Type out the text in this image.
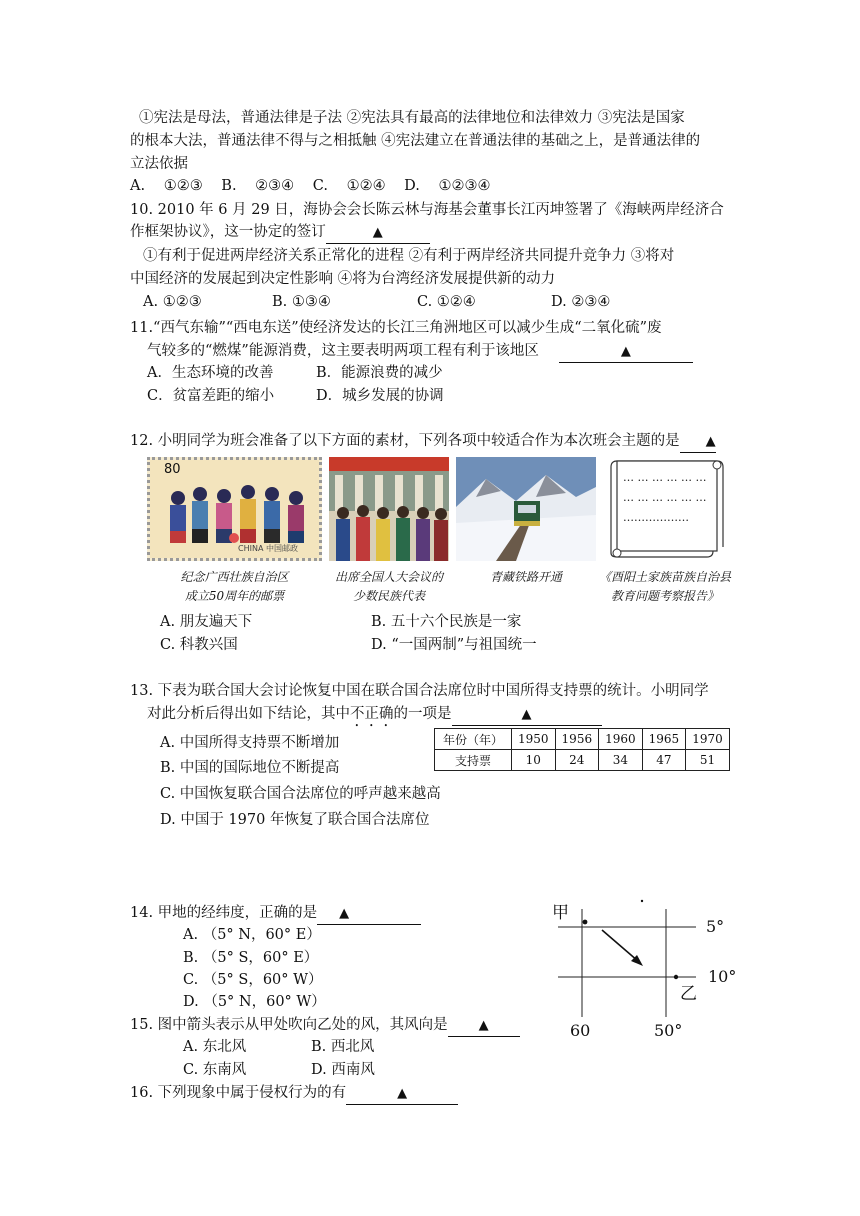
①宪法是母法，普通法律是子法 ②宪法具有最高的法律地位和法律效力 ③宪法是国家
的根本大法，普通法律不得与之相抵触 ④宪法建立在普通法律的基础之上，是普通法律的
立法依据
A. ①②③ B. ②③④ C. ①②④ D. ①②③④
10. 2010 年 6 月 29 日，海协会会长陈云林与海基会董事长江丙坤签署了《海峡两岸经济合
作框架协议》，这一协定的签订	▲
①有利于促进两岸经济关系正常化的进程 ②有利于两岸经济共同提升竞争力 ③将对
中国经济的发展起到决定性影响 ④将为台湾经济发展提供新的动力
A. ①②③	B. ①③④	C. ①②④	D. ②③④
11.“西气东输”“西电东送”使经济发达的长江三角洲地区可以减少生成“二氧化硫”废
气较多的“燃煤”能源消费，这主要表明两项工程有利于该地区	▲
A．生态环境的改善	B．能源浪费的减少
C．贫富差距的缩小	D．城乡发展的协调
12. 小明同学为班会准备了以下方面的素材，下列各项中较适合作为本次班会主题的是 ▲
80
CHINA 中国邮政
… … … … … …
… … … … … …
………………
纪念广西壮族自治区
成立50周年的邮票
出席全国人大会议的
少数民族代表
青藏铁路开通	《酉阳土家族苗族自治县
教育问题考察报告》
A. 朋友遍天下	B. 五十六个民族是一家
C. 科教兴国	D. “一国两制”与祖国统一
13. 下表为联合国大会讨论恢复中国在联合国合法席位时中国所得支持票的统计。小明同学
对此分析后得出如下结论，其中不正确的一项是	▲
年份（年）	1950	1956	1960	1965	1970
支持票	10	24	34	47	51
A. 中国所得支持票不断增加
B. 中国的国际地位不断提高
C. 中国恢复联合国合法席位的呼声越来越高
D. 中国于 1970 年恢复了联合国合法席位
14. 甲地的经纬度，正确的是 ▲
A. （5° N，60° E）
B. （5° S，60° E）
C. （5° S，60° W）
D. （5° N，60° W）
甲
5°
乙
10°
60	50°
15. 图中箭头表示从甲处吹向乙处的风，其风向是 ▲
A. 东北风	B. 西北风
C. 东南风	D. 西南风
16. 下列现象中属于侵权行为的有	▲
